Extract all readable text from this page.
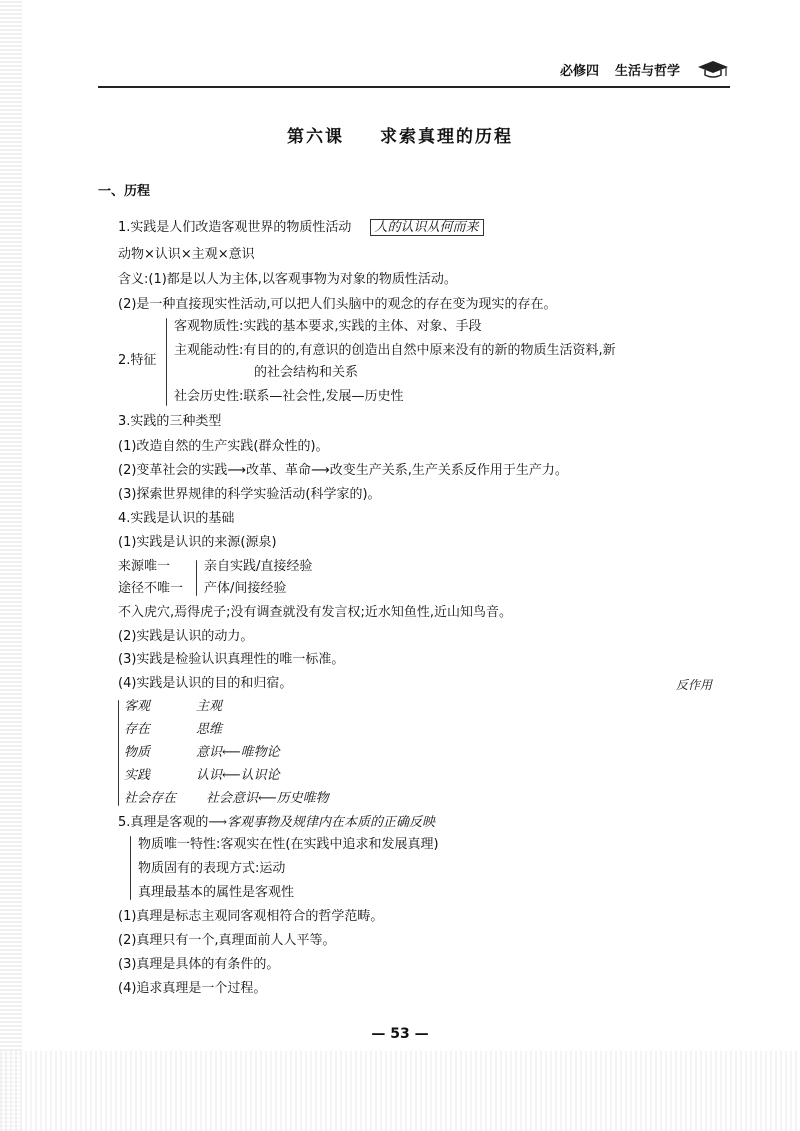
必修四 生活与哲学
第六课 求索真理的历程
一、历程
1.实践是人们改造客观世界的物质性活动 人的认识从何而来
动物×认识×主观×意识
含义:(1)都是以人为主体,以客观事物为对象的物质性活动。
(2)是一种直接现实性活动,可以把人们头脑中的观念的存在变为现实的存在。
2.特征
客观物质性:实践的基本要求,实践的主体、对象、手段
主观能动性:有目的的,有意识的创造出自然中原来没有的新的物质生活资料,新
的社会结构和关系
社会历史性:联系—社会性,发展—历史性
3.实践的三种类型
(1)改造自然的生产实践(群众性的)。
(2)变革社会的实践⟶改革、革命⟶改变生产关系,生产关系反作用于生产力。
(3)探索世界规律的科学实验活动(科学家的)。
4.实践是认识的基础
(1)实践是认识的来源(源泉)
来源唯一	亲自实践/直接经验
途径不唯一 产体/间接经验
不入虎穴,焉得虎子;没有调查就没有发言权;近水知鱼性,近山知鸟音。
(2)实践是认识的动力。
(3)实践是检验认识真理性的唯一标准。
(4)实践是认识的目的和归宿。	反作用
客观	主观
存在	思维
物质	意识⟵唯物论
实践	认识⟵认识论
社会存在 社会意识⟵历史唯物
5.真理是客观的⟶客观事物及规律内在本质的正确反映
物质唯一特性:客观实在性(在实践中追求和发展真理)
物质固有的表现方式:运动
真理最基本的属性是客观性
(1)真理是标志主观同客观相符合的哲学范畴。
(2)真理只有一个,真理面前人人平等。
(3)真理是具体的有条件的。
(4)追求真理是一个过程。
— 53 —
